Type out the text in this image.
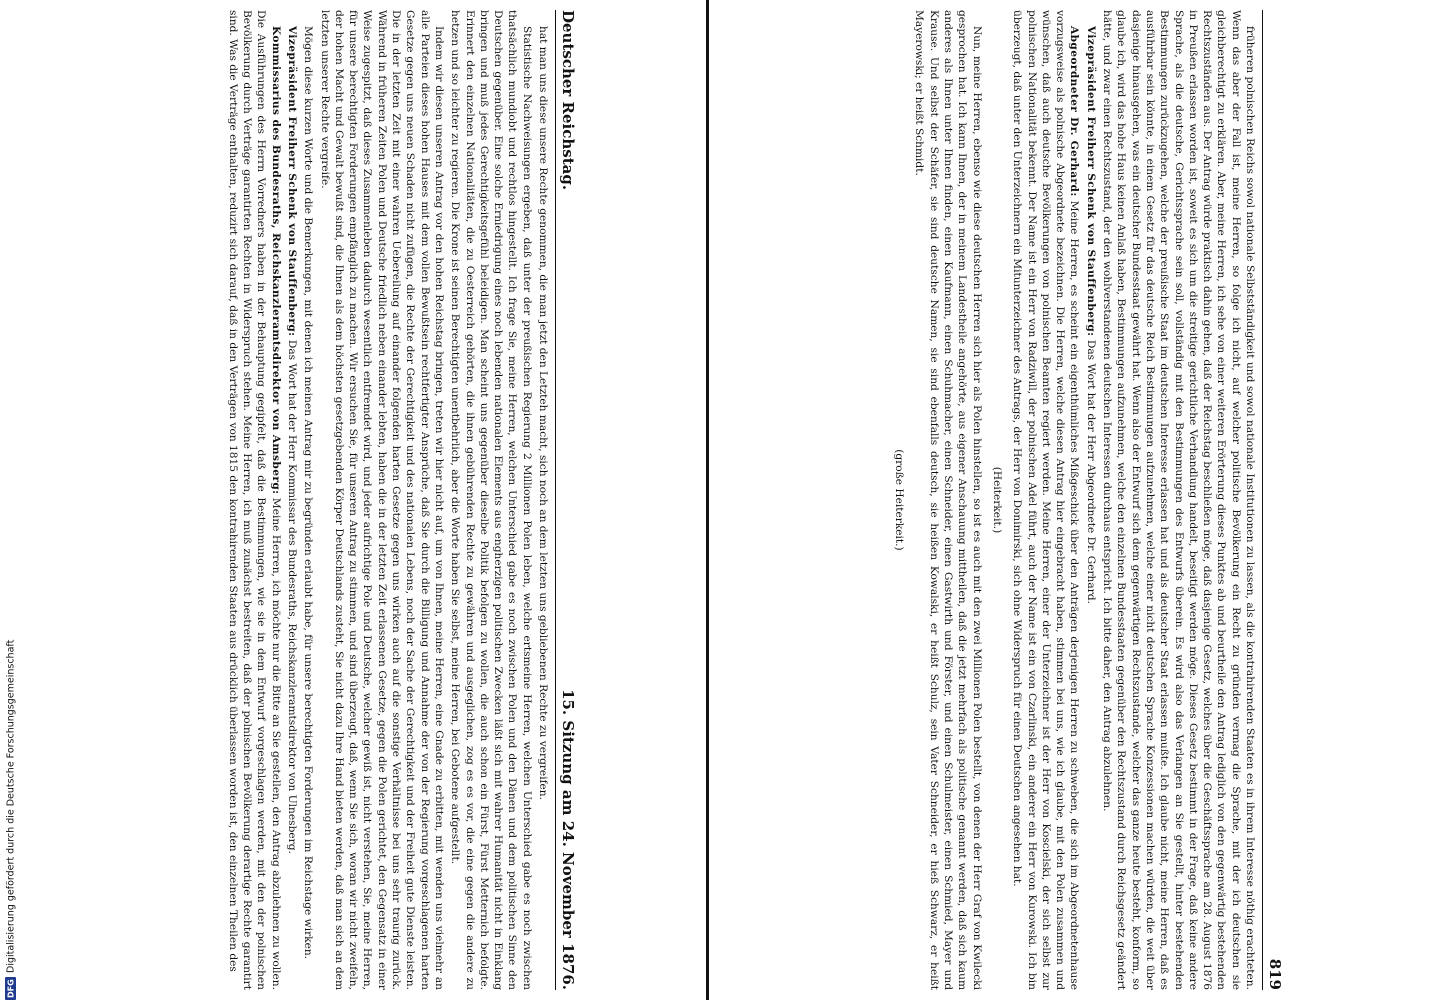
Deutscher Reichstag.
15. Sitzung am 24. November 1876.

hat man uns diese unsere Rechte genommen, die man jetzt den Letzteh macht, sich noch an dem letzten uns gebliebenen Rechte zu vergreifen.

Statistische Nachweisungen ergeben, daß unter der preußischen Regierung 2 Millionen Polen leben, welche ertsmeine Herren, welchen Unterschied gabe es noch zwischen thatsächlich mundiobt und rechtlos hingestellt. Ich frage Sie, meine Herren, welchen Unterschied gabe es noch zwischen Polen und den Dänen und dem politischen Sinne den Deutschen gegenüber. Eine solche Erniedrigung eines noch lebenden nationalen Elements aus engherzigen politischen Zwecken läßt sich mit wahrer Humanität nicht in Einklang bringen und muß jedes Gerechtigkeitsgefühl beleidigen. Man scheint uns gegenüber dieselbe Politik befolgen zu wollen, die auch schon ein Fürst, Fürst Metternich befolgte. Erinnert den einzelnen Nationalitäten, die zu Oesterreich gehörten, die ihnen gebührenden Rechte zu gewähren und ausgeglichen, zog es es vor, die eine gegen die andere zu hetzen und so leichter zu regieren. Die Krone ist seinen Berechtigten unentbehrlich, aber die Worte haben Sie selbst, meine Herren, bei Gebotene aufgestellt.

Indem wir diesen unseren Antrag vor den hohen Reichstag bringen, treten wir hier nicht auf, um von Ihnen, meine Herren, eine Gnade zu erbitten, mit wenden uns vielmehr an alle Parteien dieses hohen Hauses mit dem vollen Bewußtsein rechtfertigter Ansprüche, daß Sie durch die Billigung und Annahme der von der Regierung vorgeschlagenen harten Gesetze gegen uns neuen Schaden nicht zufügen, die Rechte der Gerechtigkeit und des nationalen Lebens, noch der Sache der Gerechtigkeit und der Freiheit gute Dienste leisten. Die in der letzten Zeit mit einer wahren Uebereilung auf einander folgenden harten Gesetze gegen uns wirken auch auf die sonstige Verhältnisse bei uns sehr traurig zurück. Während in früheren Zeiten Polen und Deutsche friedlich neben einander lebten, haben die in der letzten Zeit erlassenen Gesetze, gegen die Polen gerichtet, den Gegensatz in einer Weise zugespitzt, daß dieses Zusammenleben dadurch wesentlich entfremdet wird, und jeder aufrichtige Pole und Deutsche, welcher gewiß ist, nicht verstehen, Sie, meine Herren, für unsere berechtigten Forderungen empfänglich zu machen. Wir ersuchen Sie, für unseren Antrag zu stimmen, und sind überzeugt, daß, wenn Sie sich, woran wir nicht zweifeln, der hohen Macht und Gewalt bewußt sind, die Ihnen als dem höchsten gesetzgebenden Körper Deutschlands zusteht, Sie nicht dazu Ihre Hand bieten werden, daß man sich an dem letzten unserer Rechte vergreife.

Mögen diese kurzen Worte und die Bemerkungen, mit denen ich meinen Antrag mir zu begründen erlaubt habe, für unsere berechtigten Forderungen im Reichstage wirken.

Vizepräsident Freiherr Schenk von Stauffenberg: Das Wort hat der Herr Kommissar des Bundesraths, Reichskanzleramtsdirektor von Ulnesberg.

Kommissarius des Bundesraths, Reichskanzleramtsdirektor von Amsberg: Meine Herren, ich möchte nur die Bitte an Sie gestellen, den Antrag abzulehnen zu wollen. Die Ausführungen des Herrn Vorredners haben in der Behauptung gegipfelt, daß die Bestimmungen, wie sie in dem Entwurf vorgeschlagen werden, mit den der polnischen Bevölkerung durch Verträge garantirten Rechten in Widerspruch stehen. Meine Herren, ich muß zunächst bestreiten, daß der polnischen Bevölkerung derartige Rechte garantirt sind. Was die Verträge enthalten, reduzirt sich darauf, daß in den Verträgen von 1815 den kontrahirenden Staaten aus drücklich überlassen worden ist, den einzelnen Theilen des

819

früheren polnischen Reichs sowol nationale Selbstständigkeit und sowol nationale Institutionen zu lassen, als die kontrahirenden Staaten es in ihrem Interesse nöthig erachteten. Wenn das aber der Fall ist, meine Herren, so folge ich nicht, auf welcher politische Bevölkerung ein Recht zu gründen vermag die Sprache, mit der ich deutschen sie gleichberechtigt zu erklären. Aber, meine Herren, ich sehe von einer weiteren Erörterung dieses Punktes ab und beurtheile den Antrag lediglich von den gegenwärtig bestehenden Rechtszuständen aus. Der Antrag würde praktisch dahin gehen, daß der Reichstag beschließen möge, daß dasjenige Gesetz, welches über die Geschäftssprache am 28. August 1876 in Preußen erlassen worden ist, soweit es sich um die streitige gerichtliche Verhandlung handelt, beseitigt werden möge. Dieses Gesetz bestimmt in der Frage, daß keine andere Sprache, als die deutsche, Gerichtssprache sein soll, vollständig mit den Bestimmungen des Entwurfs überein. Es wird also das Verlangen an Sie gestellt, hinter bestehenden Bestimmungen zurückzugehen, welche der preußische Staat im deutschen Interesse erlassen hat und als deutscher Staat erlassen mußte. Ich glaube nicht, meine Herren, daß es ausführbar sein könnte, in einem Gesetz für das deutsche Reich Bestimmungen aufzunehmen, welche einer nicht deutschen Sprache Konzessionen machen würden, die weit über dasjenige hinausgehen, was ein deutscher Bundesstaat gewährt hat. Wenn also der Entwurf sich dem gegenwärtigen Rechtszustande, welcher das ganze heute besteht, konform, so glaube ich, wird das hohe Haus keinen Anlaß haben, Bestimmungen aufzunehmen, welche den einzelnen Bundesstaaten gegenüber den Rechtszustand durch Reichsgesetz geändert hätte, und zwar einen Rechtszustand, der den wohlverstandenen deutschen Interessen durchaus entspricht. Ich bitte daher, den Antrag abzulehnen.

Vizepräsident Freiherr Schenk von Stauffenberg: Das Wort hat der Herr Abgeordnete Dr. Gerhard.

Abgeordneter Dr. Gerhard: Meine Herren, es scheint ein eigenthümliches Mißgeschick über den Anträgen derjenigen Herren zu schweben, die sich im Abgeordnetenhause vorzugsweise als polnische Abgeordnete bezeichnen. Die Herren, welche diesen Antrag hier eingebracht haben, stimmen bei uns, wie ich glaube, mit den Polen zusammen und wünschen, daß auch deutsche Bevölkerungen von polnischen Beamten regiert werden. Meine Herren, einer der Unterzeichner ist der Herr von Koscielski, der sich selbst zur polnischen Nationalität bekennt. Der Name ist ein Herr von Radziwill, der polnischen Adel führt, auch der Name ist ein von Czarlinski, ein anderer ein Herr von Kurowski. Ich bin überzeugt, daß unter den Unterzeichnern ein Mitunterzeichner des Antrags, der Herr von Donimirski, sich ohne Widerspruch für einen Deutschen angesehen hat.

(Heiterkeit.)

Nun, meine Herren, ebenso wie diese deutschen Herren sich hier als Polen hinstellen, so ist es auch mit den zwei Millionen Polen bestellt, von denen der Herr Graf von Kwilecki gesprochen hat. Ich kann Ihnen, der in meinem Landestheile angehörte, aus eigener Anschauung mittheilen, daß die jetzt mehrfach als politische genannt werden, daß sich kaum anderes als Ihnen unter Ihnen finden, einen Kaufmann, einen Schuhmacher, einen Schneider, einen Gastwirth und Förster, und einen Schulmeister, einen Schmied, Mayer und Krause. Und selbst der Schäfer, sie sind deutsche Namen, sie sind ebenfalls deutsch, sie heißen Kowalski, er heißt Schulz, sein Vater Schneider, er hieß Schwarz, er heißt Mayerowski; er heißt Schmidt.

(große Heiterkeit.)

DFG
Digitalisierung gefördert durch die Deutsche Forschungsgemeinschaft
